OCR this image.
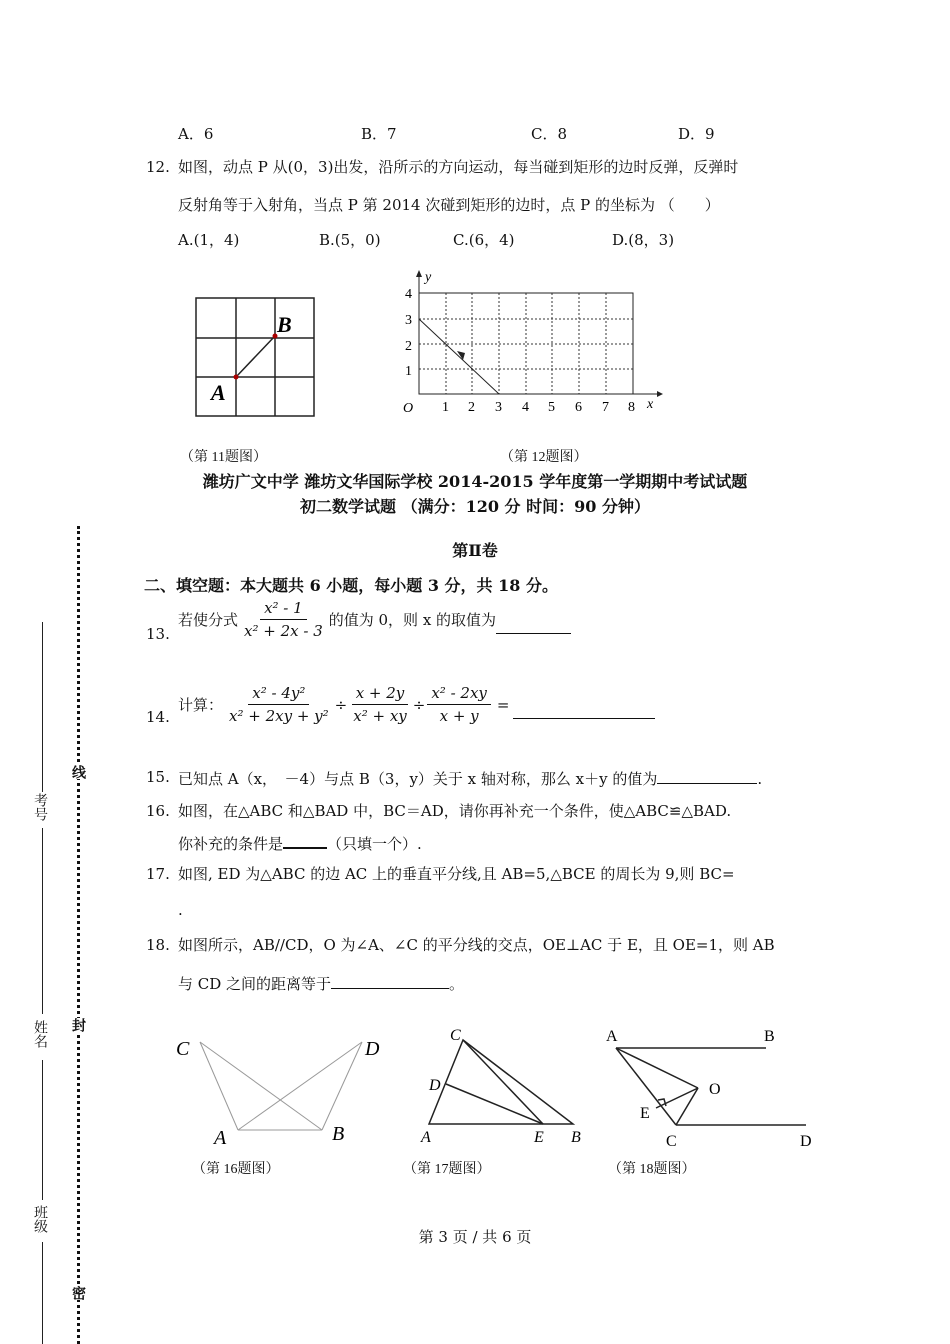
A．6	B．7	C．8	D．9
12. 如图，动点 P 从(0，3)出发，沿所示的方向运动，每当碰到矩形的边时反弹，反弹时
反射角等于入射角，当点 P 第 2014 次碰到矩形的边时，点 P 的坐标为 （　　）
A.(1，4)	B.(5，0)	C.(6，4)	D.(8，3)
A
B
（第 11题图）
x
y
O 1 2 3 4 5 6 7 8
1
2
3
4
（第 12题图）
潍坊广文中学 潍坊文华国际学校 2014-2015 学年度第一学期期中考试试题
初二数学试题 （满分：120 分 时间：90 分钟）
第Ⅱ卷
二、填空题：本大题共 6 小题，每小题 3 分，共 18 分。
13.
若使分式 $\frac{\text{x² - 1}}{\text{x² + 2x - 3}}$ 的值为 0，则 x 的取值为
14.
计算： $\frac{\text{x² - 4y²}}{\text{x² + 2xy + y²}} \div \frac{x + 2y}{\text{x² + xy}} \div \frac{\text{x² - 2xy}}{x + y}$ =
15. 已知点 A（x，　－4）与点 B（3，y）关于 x 轴对称，那么 x＋y 的值为	.
16. 如图，在△ABC 和△BAD 中，BC＝AD，请你再补充一个条件，使△ABC≌△BAD.
你补充的条件是	（只填一个）.
17. 如图, ED 为△ABC 的边 AC 上的垂直平分线,且 AB=5,△BCE 的周长为 9,则 BC=
.
18. 如图所示，AB//CD，O 为∠A、∠C 的平分线的交点，OE⊥AC 于 E，且 OE=1，则 AB
与 CD 之间的距离等于	。
C	D
A	B
（第 16题图）
C
D
A	E B
（第 17题图）
A	B
O
E
C	D
（第 18题图）
第 3 页 / 共 6 页
考号
姓名
班级
线
封
密
